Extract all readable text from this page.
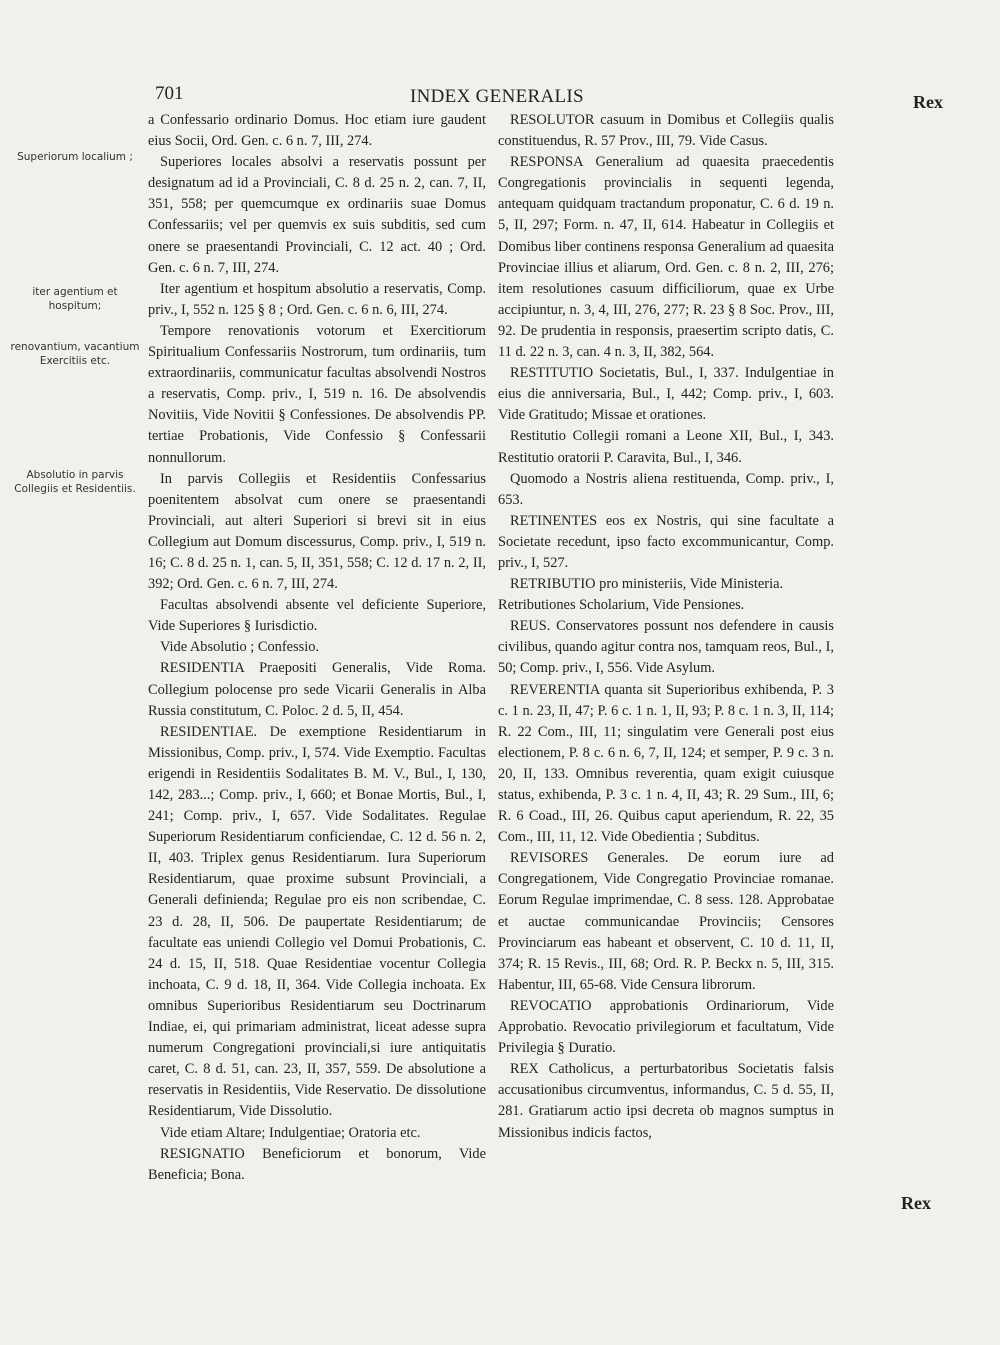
701	INDEX GENERALIS	Rex
Superiorum localium ;
iter agentium et hospitum;
renovantium, vacantium Exercitiis etc.
Absolutio in parvis Collegiis et Residentiis.

a Confessario ordinario Domus. Hoc etiam iure gaudent eius Socii, Ord. Gen. c. 6 n. 7, III, 274.

Superiores locales absolvi a reservatis possunt per designatum ad id a Provinciali, C. 8 d. 25 n. 2, can. 7, II, 351, 558; per quemcumque ex ordinariis suae Domus Confessariis; vel per quemvis ex suis subditis, sed cum onere se praesentandi Provinciali, C. 12 act. 40 ; Ord. Gen. c. 6 n. 7, III, 274.

Iter agentium et hospitum absolutio a reservatis, Comp. priv., I, 552 n. 125 § 8 ; Ord. Gen. c. 6 n. 6, III, 274.

Tempore renovationis votorum et Exercitiorum Spiritualium Confessariis Nostrorum, tum ordinariis, tum extraordinariis, communicatur facultas absolvendi Nostros a reservatis, Comp. priv., I, 519 n. 16. De absolvendis Novitiis, Vide Novitii § Confessiones. De absolvendis PP. tertiae Probationis, Vide Confessio § Confessarii nonnullorum.

In parvis Collegiis et Residentiis Confessarius poenitentem absolvat cum onere se praesentandi Provinciali, aut alteri Superiori si brevi sit in eius Collegium aut Domum discessurus, Comp. priv., I, 519 n. 16; C. 8 d. 25 n. 1, can. 5, II, 351, 558; C. 12 d. 17 n. 2, II, 392; Ord. Gen. c. 6 n. 7, III, 274.

Facultas absolvendi absente vel deficiente Superiore, Vide Superiores § Iurisdictio.

Vide Absolutio ; Confessio.

RESIDENTIA Praepositi Generalis, Vide Roma. Collegium polocense pro sede Vicarii Generalis in Alba Russia constitutum, C. Poloc. 2 d. 5, II, 454.

RESIDENTIAE. De exemptione Residentiarum in Missionibus, Comp. priv., I, 574. Vide Exemptio. Facultas erigendi in Residentiis Sodalitates B. M. V., Bul., I, 130, 142, 283...; Comp. priv., I, 660; et Bonae Mortis, Bul., I, 241; Comp. priv., I, 657. Vide Sodalitates. Regulae Superiorum Residentiarum conficiendae, C. 12 d. 56 n. 2, II, 403. Triplex genus Residentiarum. Iura Superiorum Residentiarum, quae proxime subsunt Provinciali, a Generali definienda; Regulae pro eis non scribendae, C. 23 d. 28, II, 506. De paupertate Residentiarum; de facultate eas uniendi Collegio vel Domui Probationis, C. 24 d. 15, II, 518. Quae Residentiae vocentur Collegia inchoata, C. 9 d. 18, II, 364. Vide Collegia inchoata. Ex omnibus Superioribus Residentiarum seu Doctrinarum Indiae, ei, qui primariam administrat, liceat adesse supra numerum Congregationi provinciali,si iure antiquitatis caret, C. 8 d. 51, can. 23, II, 357, 559. De absolutione a reservatis in Residentiis, Vide Reservatio. De dissolutione Residentiarum, Vide Dissolutio.

Vide etiam Altare; Indulgentiae; Oratoria etc.

RESIGNATIO Beneficiorum et bonorum, Vide Beneficia; Bona.

RESOLUTOR casuum in Domibus et Collegiis qualis constituendus, R. 57 Prov., III, 79. Vide Casus.

RESPONSA Generalium ad quaesita praecedentis Congregationis provincialis in sequenti legenda, antequam quidquam tractandum proponatur, C. 6 d. 19 n. 5, II, 297; Form. n. 47, II, 614. Habeatur in Collegiis et Domibus liber continens responsa Generalium ad quaesita Provinciae illius et aliarum, Ord. Gen. c. 8 n. 2, III, 276; item resolutiones casuum difficiliorum, quae ex Urbe accipiuntur, n. 3, 4, III, 276, 277; R. 23 § 8 Soc. Prov., III, 92. De prudentia in responsis, praesertim scripto datis, C. 11 d. 22 n. 3, can. 4 n. 3, II, 382, 564.

RESTITUTIO Societatis, Bul., I, 337. Indulgentiae in eius die anniversaria, Bul., I, 442; Comp. priv., I, 603. Vide Gratitudo; Missae et orationes.

Restitutio Collegii romani a Leone XII, Bul., I, 343. Restitutio oratorii P. Caravita, Bul., I, 346.

Quomodo a Nostris aliena restituenda, Comp. priv., I, 653.

RETINENTES eos ex Nostris, qui sine facultate a Societate recedunt, ipso facto excommunicantur, Comp. priv., I, 527.

RETRIBUTIO pro ministeriis, Vide Ministeria.

Retributiones Scholarium, Vide Pensiones.

REUS. Conservatores possunt nos defendere in causis civilibus, quando agitur contra nos, tamquam reos, Bul., I, 50; Comp. priv., I, 556. Vide Asylum.

REVERENTIA quanta sit Superioribus exhibenda, P. 3 c. 1 n. 23, II, 47; P. 6 c. 1 n. 1, II, 93; P. 8 c. 1 n. 3, II, 114; R. 22 Com., III, 11; singulatim vere Generali post eius electionem, P. 8 c. 6 n. 6, 7, II, 124; et semper, P. 9 c. 3 n. 20, II, 133. Omnibus reverentia, quam exigit cuiusque status, exhibenda, P. 3 c. 1 n. 4, II, 43; R. 29 Sum., III, 6; R. 6 Coad., III, 26. Quibus caput aperiendum, R. 22, 35 Com., III, 11, 12. Vide Obedientia ; Subditus.

REVISORES Generales. De eorum iure ad Congregationem, Vide Congregatio Provinciae romanae. Eorum Regulae imprimendae, C. 8 sess. 128. Approbatae et auctae communicandae Provinciis; Censores Provinciarum eas habeant et observent, C. 10 d. 11, II, 374; R. 15 Revis., III, 68; Ord. R. P. Beckx n. 5, III, 315. Habentur, III, 65-68. Vide Censura librorum.

REVOCATIO approbationis Ordinariorum, Vide Approbatio. Revocatio privilegiorum et facultatum, Vide Privilegia § Duratio.

REX Catholicus, a perturbatoribus Societatis falsis accusationibus circumventus, informandus, C. 5 d. 55, II, 281. Gratiarum actio ipsi decreta ob magnos sumptus in Missionibus indicis factos,

Rex
